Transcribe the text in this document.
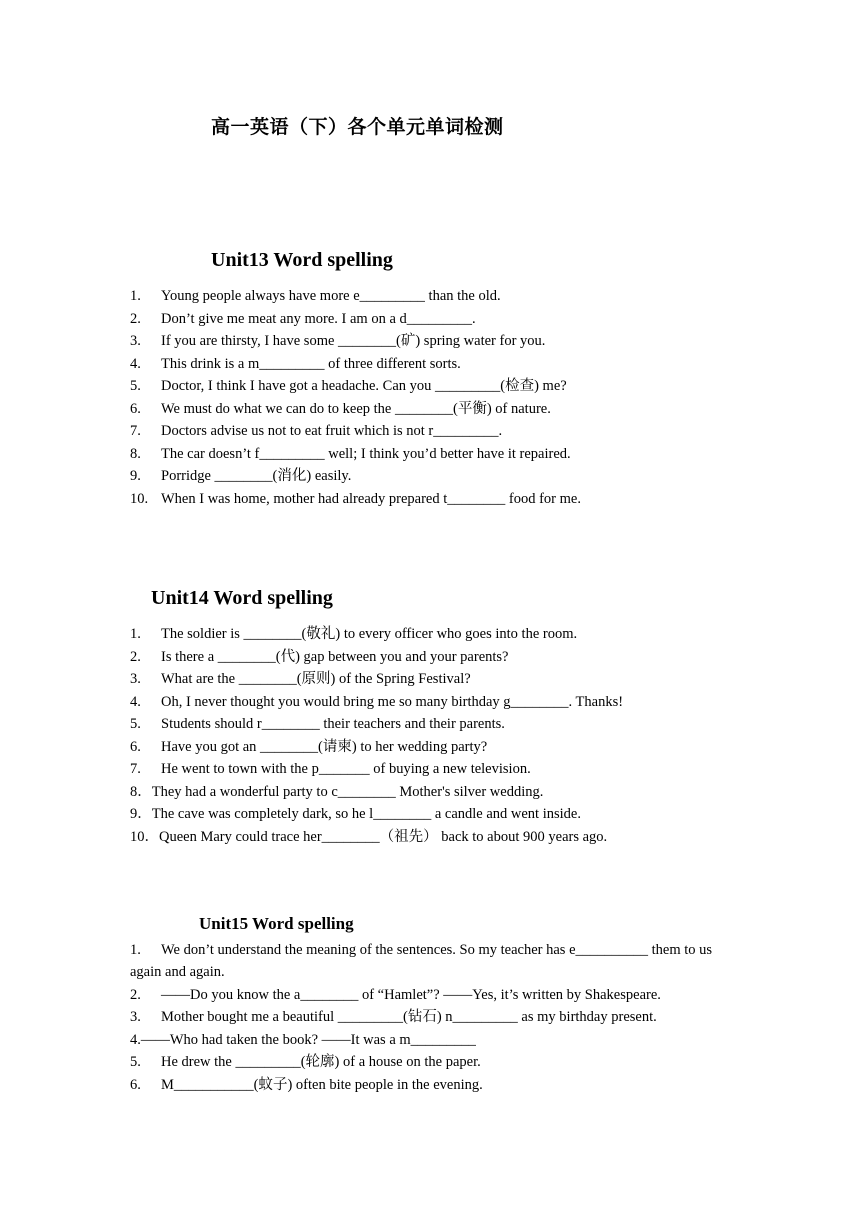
高一英语（下）各个单元单词检测
Unit13 Word spelling
1. Young people always have more e_________ than the old.
2. Don’t give me meat any more. I am on a d_________.
3. If you are thirsty, I have some ________(矿) spring water for you.
4. This drink is a m_________ of three different sorts.
5. Doctor, I think I have got a headache. Can you _________(检查) me?
6. We must do what we can do to keep the ________(平衡) of nature.
7. Doctors advise us not to eat fruit which is not r_________.
8. The car doesn’t f_________ well; I think you’d better have it repaired.
9. Porridge ________(消化) easily.
10. When I was home, mother had already prepared t________ food for me.
Unit14 Word spelling
1. The soldier is ________(敬礼) to every officer who goes into the room.
2. Is there a ________(代) gap between you and your parents?
3. What are the ________(原则) of the Spring Festival?
4. Oh, I never thought you would bring me so many birthday g________. Thanks!
5. Students should r________ their teachers and their parents.
6. Have you got an ________(请柬) to her wedding party?
7. He went to town with the p_______ of buying a new television.
8．They had a wonderful party to c________ Mother's silver wedding.
9．The cave was completely dark, so he l________ a candle and went inside.
10．Queen Mary could trace her________（祖先） back to about 900 years ago.
Unit15 Word spelling
1. We don’t understand the meaning of the sentences. So my teacher has e__________ them to us again and again.
2. ——Do you know the a________ of “Hamlet”? ——Yes, it’s written by Shakespeare.
3. Mother bought me a beautiful _________(钻石) n_________ as my birthday present.
4.——Who had taken the book? ——It was a m_________
5. He drew the _________(轮廓) of a house on the paper.
6. M___________(蚊子) often bite people in the evening.
